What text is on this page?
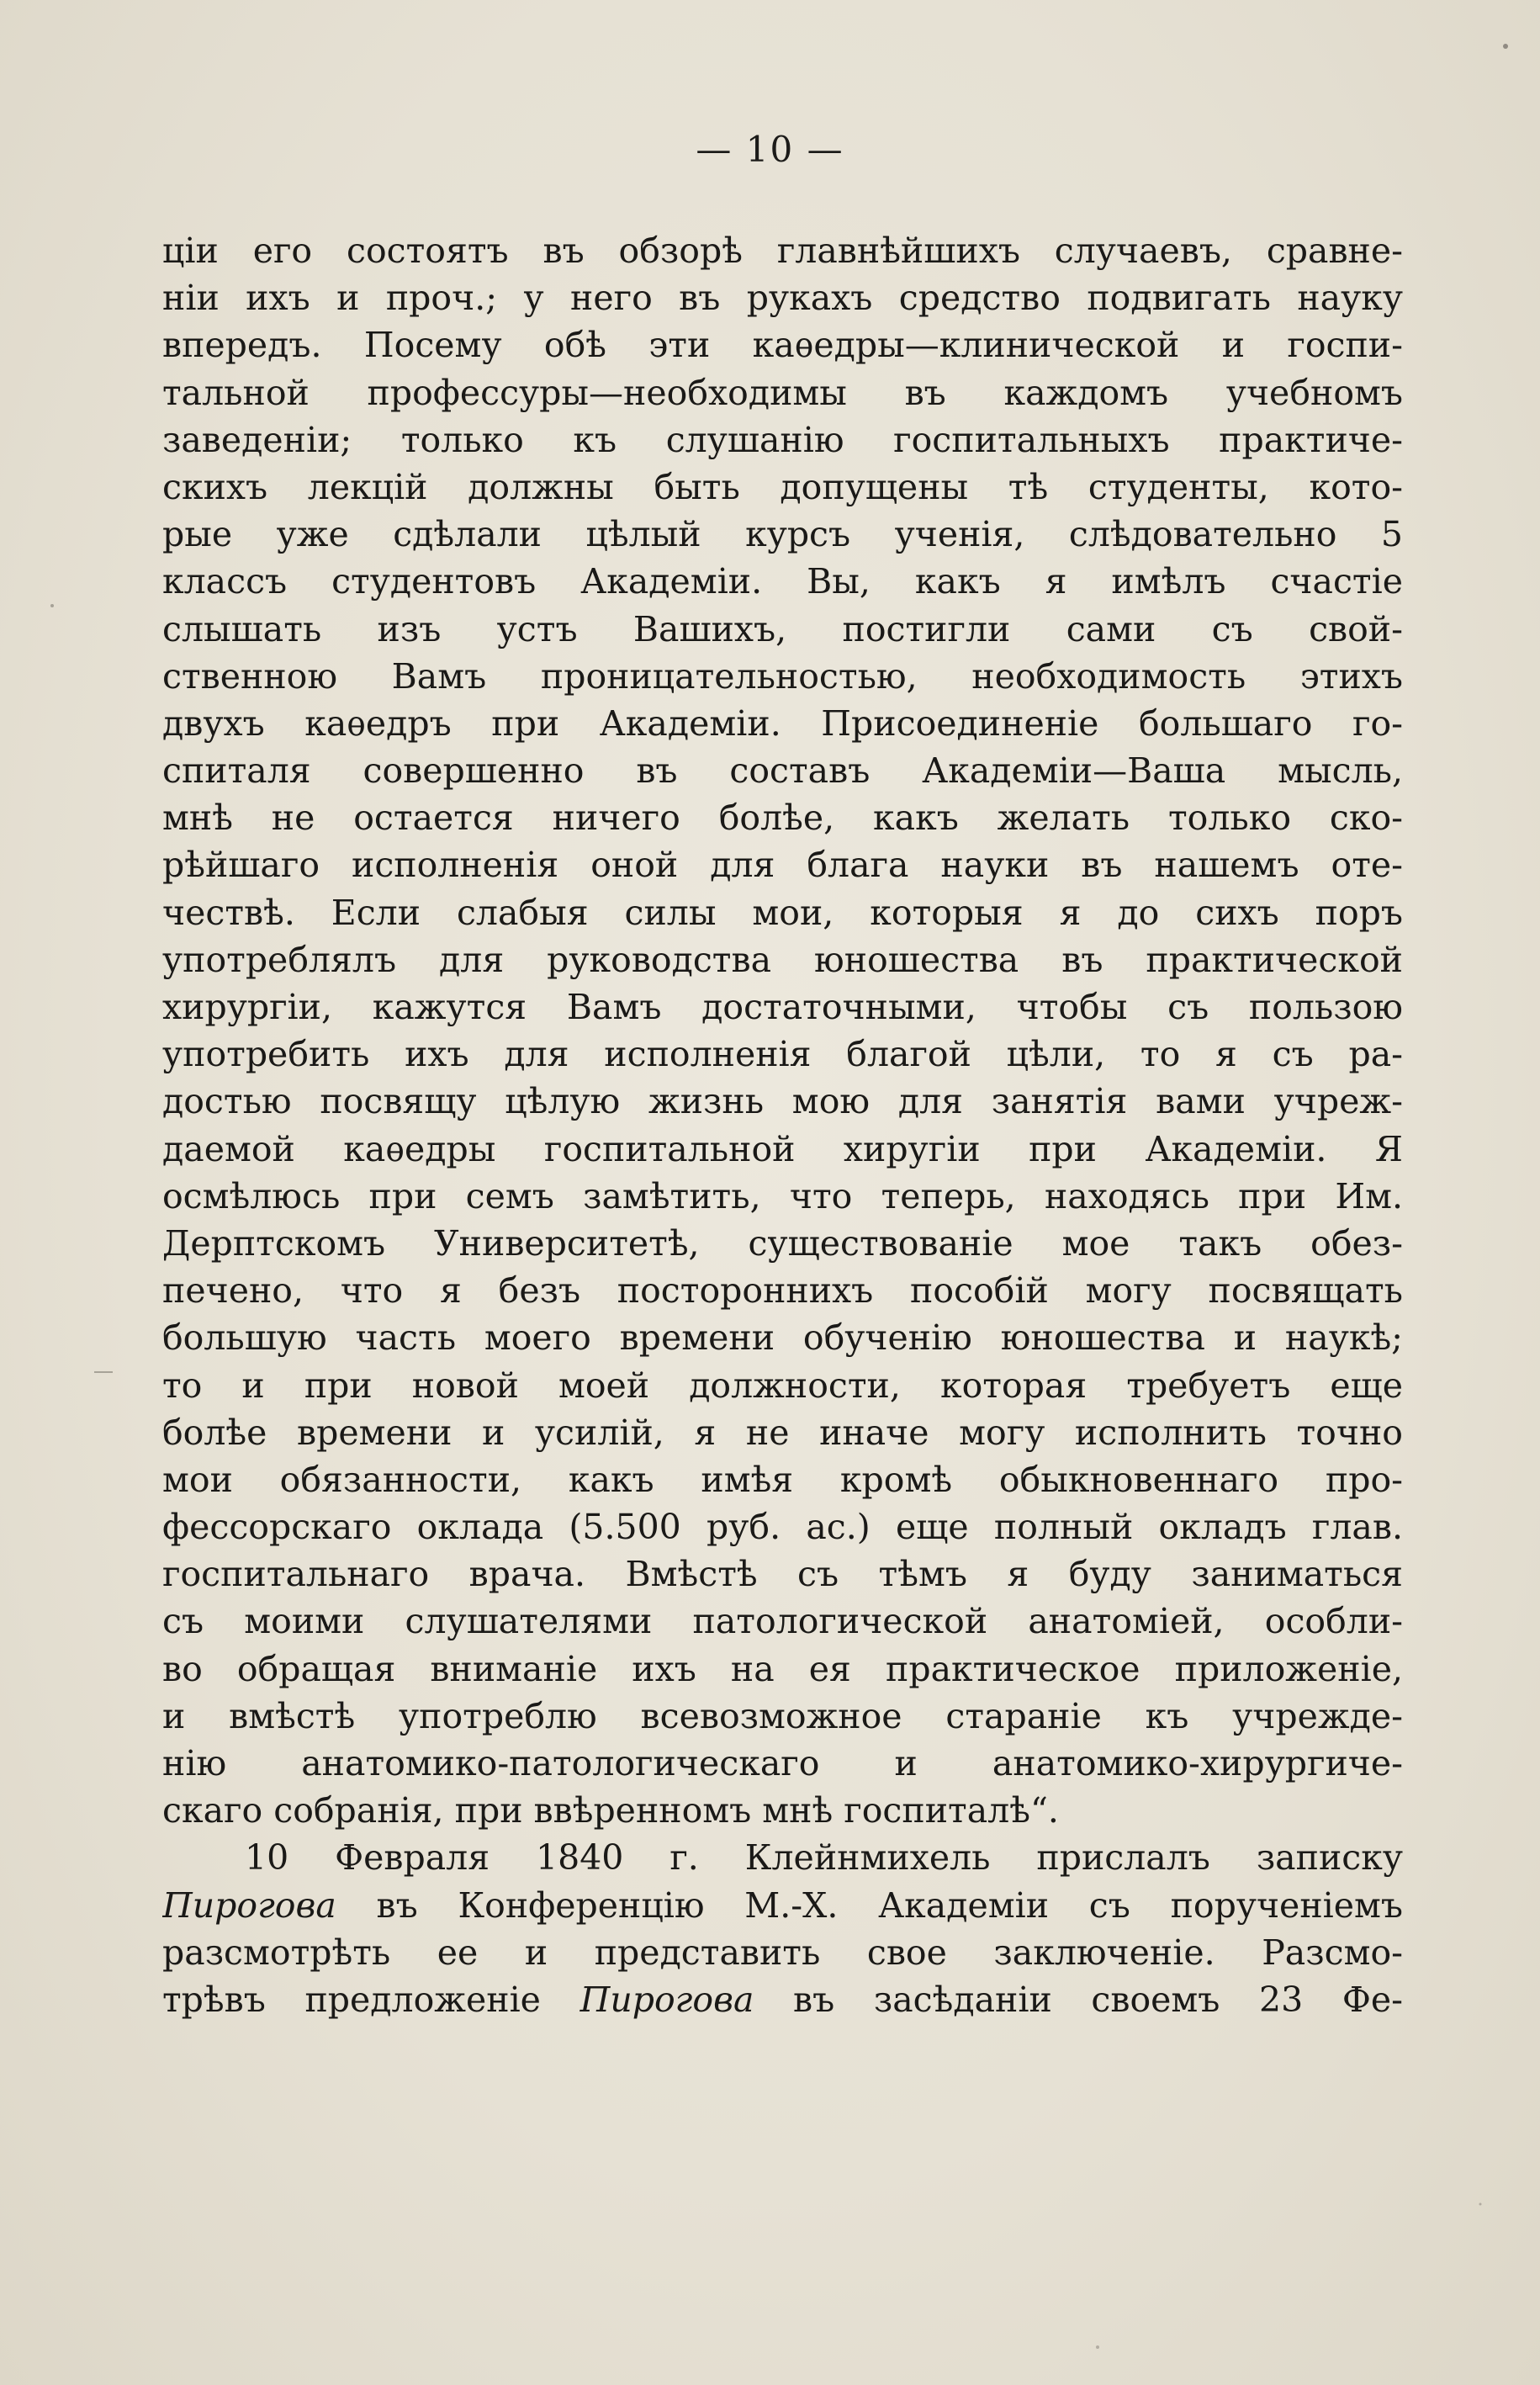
— 10 —
ціи его состоятъ въ обзорѣ главнѣйшихъ случаевъ, сравне-
ніи ихъ и проч.; у него въ рукахъ средство подвигать науку
впередъ. Посему обѣ эти каѳедры—клинической и госпи-
тальной профессуры—необходимы въ каждомъ учебномъ
заведеніи; только къ слушанію госпитальныхъ практиче-
скихъ лекцій должны быть допущены тѣ студенты, кото-
рые уже сдѣлали цѣлый курсъ ученія, слѣдовательно 5
классъ студентовъ Академіи. Вы, какъ я имѣлъ счастіе
слышать изъ устъ Вашихъ, постигли сами съ свой-
ственною Вамъ проницательностью, необходимость этихъ
двухъ каѳедръ при Академіи. Присоединеніе большаго го-
спиталя совершенно въ составъ Академіи—Ваша мысль,
мнѣ не остается ничего болѣе, какъ желать только ско-
рѣйшаго исполненія оной для блага науки въ нашемъ оте-
чествѣ. Если слабыя силы мои, которыя я до сихъ поръ
употреблялъ для руководства юношества въ практической
хирургіи, кажутся Вамъ достаточными, чтобы съ пользою
употребить ихъ для исполненія благой цѣли, то я съ ра-
достью посвящу цѣлую жизнь мою для занятія вами учреж-
даемой каѳедры госпитальной хиругіи при Академіи. Я
осмѣлюсь при семъ замѣтить, что теперь, находясь при Им.
Дерптскомъ Университетѣ, существованіе мое такъ обез-
печено, что я безъ постороннихъ пособій могу посвящать
большую часть моего времени обученію юношества и наукѣ;
то и при новой моей должности, которая требуетъ еще
болѣе времени и усилій, я не иначе могу исполнить точно
мои обязанности, какъ имѣя кромѣ обыкновеннаго про-
фессорскаго оклада (5.500 руб. ас.) еще полный окладъ глав.
госпитальнаго врача. Вмѣстѣ съ тѣмъ я буду заниматься
съ моими слушателями патологической анатоміей, особли-
во обращая вниманіе ихъ на ея практическое приложеніе,
и вмѣстѣ употреблю всевозможное стараніе къ учрежде-
нію анатомико-патологическаго и анатомико-хирургиче-
скаго собранія, при ввѣренномъ мнѣ госпиталѣ“.
10 Февраля 1840 г. Клейнмихель прислалъ записку
Пирогова въ Конференцію М.-Х. Академіи съ порученіемъ
разсмотрѣть ее и представить свое заключеніе. Разсмо-
трѣвъ предложеніе Пирогова въ засѣданіи своемъ 23 Фе-
